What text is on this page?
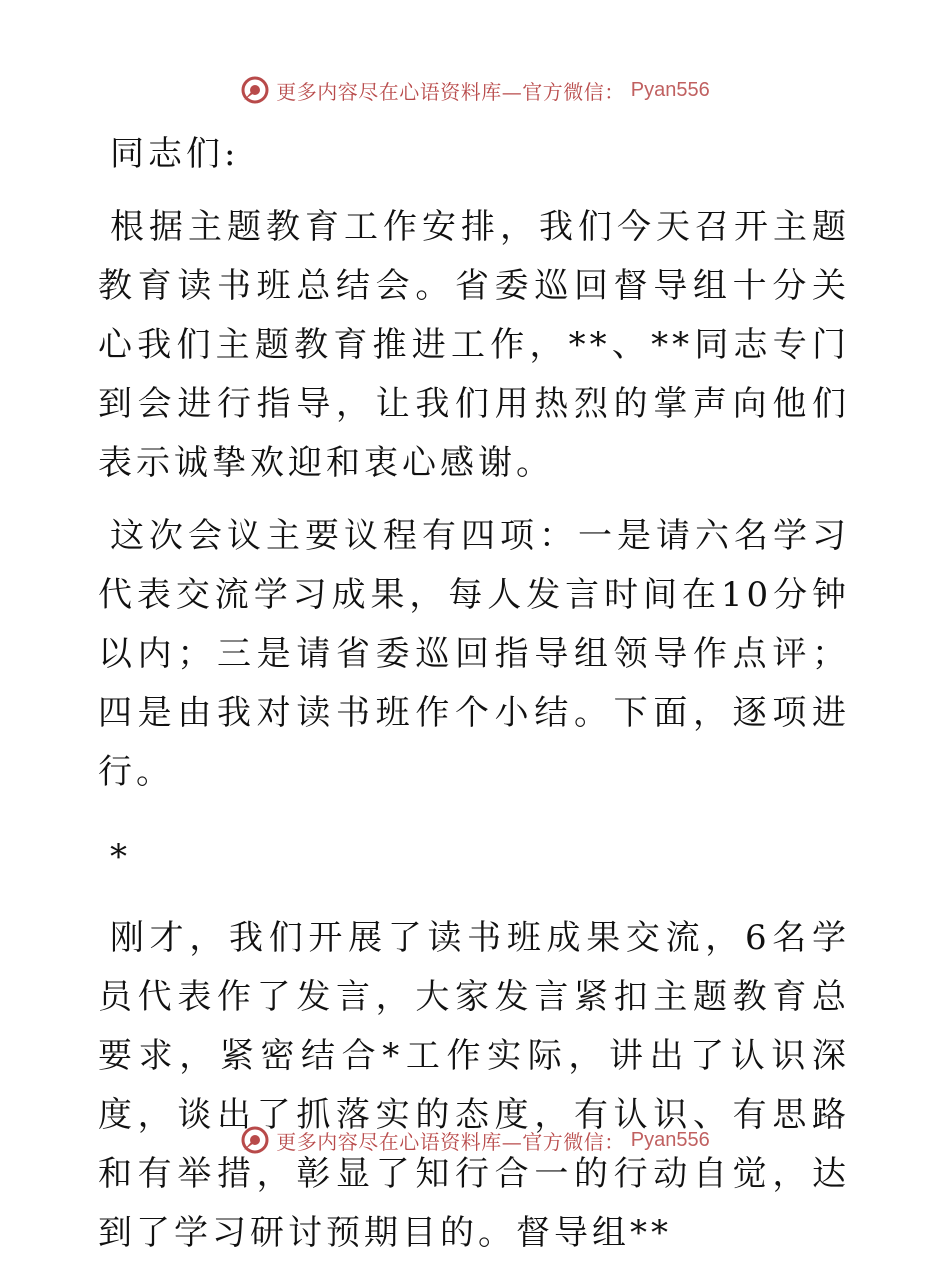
更多内容尽在心语资料库—官方微信： Pyan556

同志们:

根据主题教育工作安排，我们今天召开主题教育读书班总结会。省委巡回督导组十分关心我们主题教育推进工作，**、**同志专门到会进行指导，让我们用热烈的掌声向他们表示诚挚欢迎和衷心感谢。

这次会议主要议程有四项：一是请六名学习代表交流学习成果，每人发言时间在10分钟以内；三是请省委巡回指导组领导作点评；四是由我对读书班作个小结。下面，逐项进行。

*

刚才，我们开展了读书班成果交流，6名学员代表作了发言，大家发言紧扣主题教育总要求，紧密结合*工作实际，讲出了认识深度，谈出了抓落实的态度，有认识、有思路和有举措，彰显了知行合一的行动自觉，达到了学习研讨预期目的。督导组**

更多内容尽在心语资料库—官方微信： Pyan556
